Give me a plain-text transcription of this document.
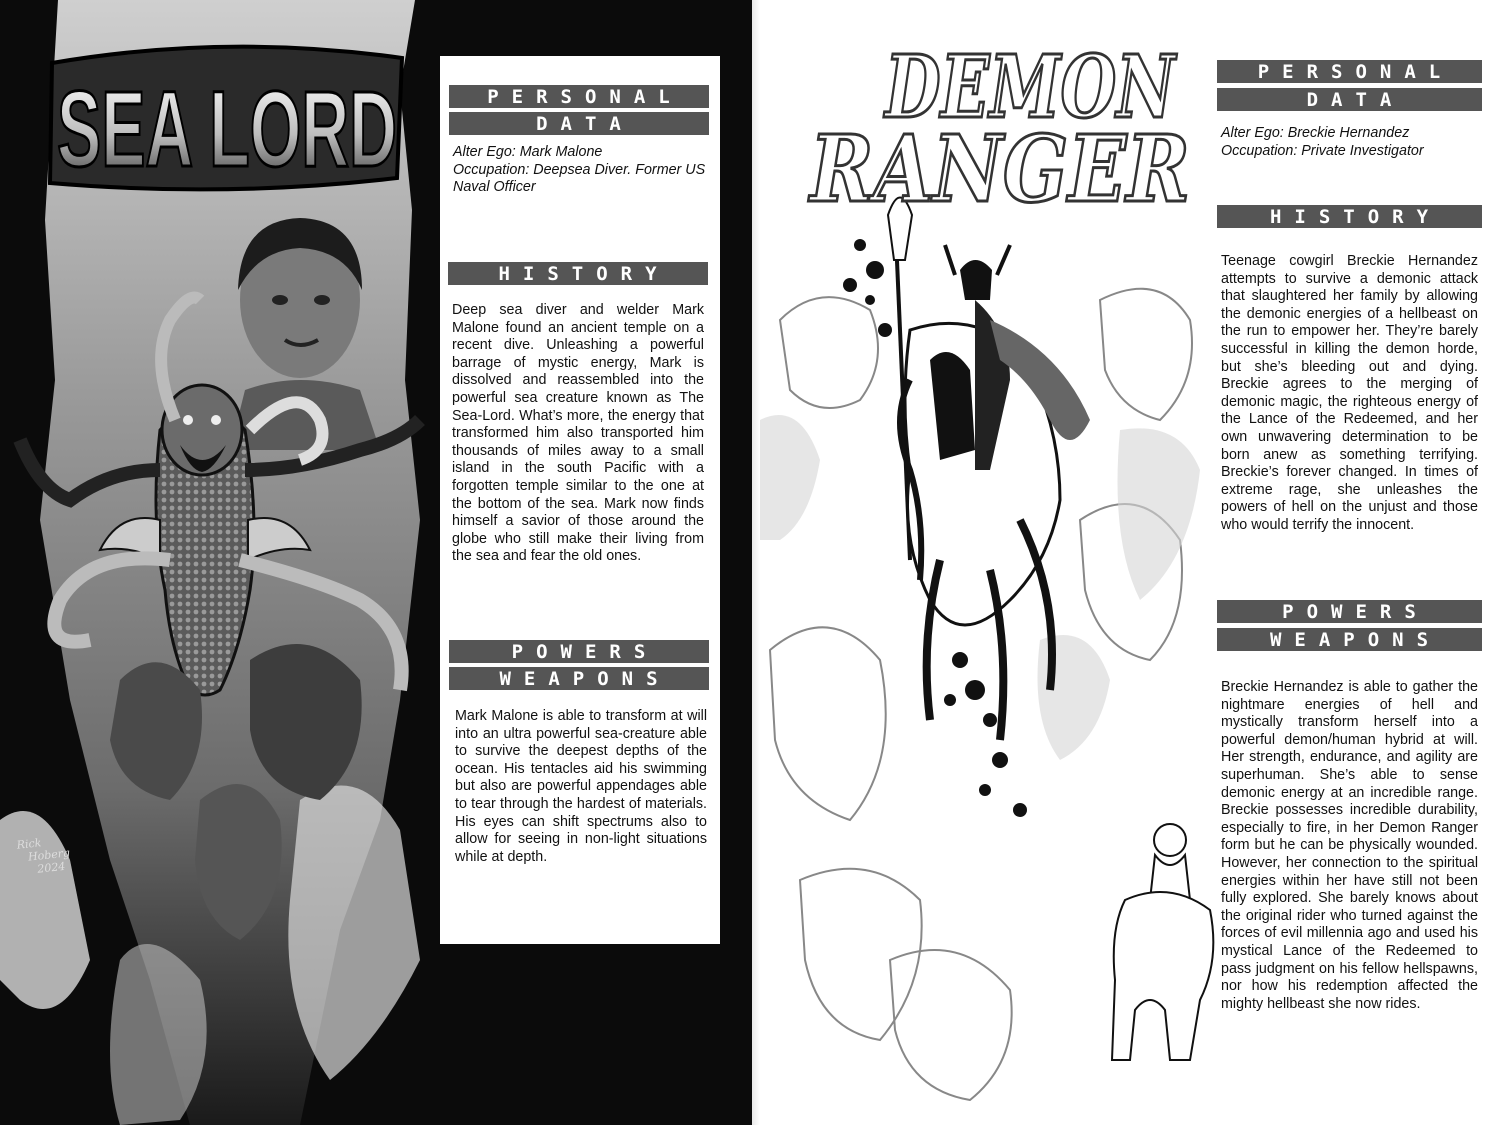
SEA LORD
Rick
Hoberg
2024
PERSONAL
DATA
Alter Ego: Mark Malone
Occupation: Deepsea Diver. Former US Naval Officer
HISTORY
Deep sea diver and welder Mark Malone found an ancient temple on a recent dive. Unleashing a powerful barrage of mystic energy, Mark is dissolved and reassembled into the powerful sea creature known as The Sea-Lord. What’s more, the energy that transformed him also transported him thousands of miles away to a small island in the south Pacific with a forgotten temple similar to the one at the bottom of the sea. Mark now finds himself a savior of those around the globe who still make their living from the sea and fear the old ones.
POWERS
WEAPONS
Mark Malone is able to transform at will into an ultra powerful sea-creature able to survive the deepest depths of the ocean. His tentacles aid his swimming but also are powerful appendages able to tear through the hardest of materials. His eyes can shift spectrums also to allow for seeing in non-light situations while at depth.
DEMON
RANGER
PERSONAL
DATA
Alter Ego: Breckie Hernandez
Occupation: Private Investigator
HISTORY
Teenage cowgirl Breckie Hernandez attempts to survive a demonic attack that slaughtered her family by allowing the demonic energies of a hellbeast on the run to empower her. They’re barely successful in killing the demon horde, but she’s bleeding out and dying. Breckie agrees to the merging of demonic magic, the righteous energy of the Lance of the Redeemed, and her own unwavering determination to be born anew as something terrifying. Breckie’s forever changed. In times of extreme rage, she unleashes the powers of hell on the unjust and those who would terrify the innocent.
POWERS
WEAPONS
Breckie Hernandez is able to gather the nightmare energies of hell and mystically transform herself into a powerful demon/human hybrid at will. Her strength, endurance, and agility are superhuman. She’s able to sense demonic energy at an incredible range. Breckie possesses incredible durability, especially to fire, in her Demon Ranger form but he can be physically wounded. However, her connection to the spiritual energies within her have still not been fully explored. She barely knows about the original rider who turned against the forces of evil millennia ago and used his mystical Lance of the Redeemed to pass judgment on his fellow hellspawns, nor how his redemption affected the mighty hellbeast she now rides.
